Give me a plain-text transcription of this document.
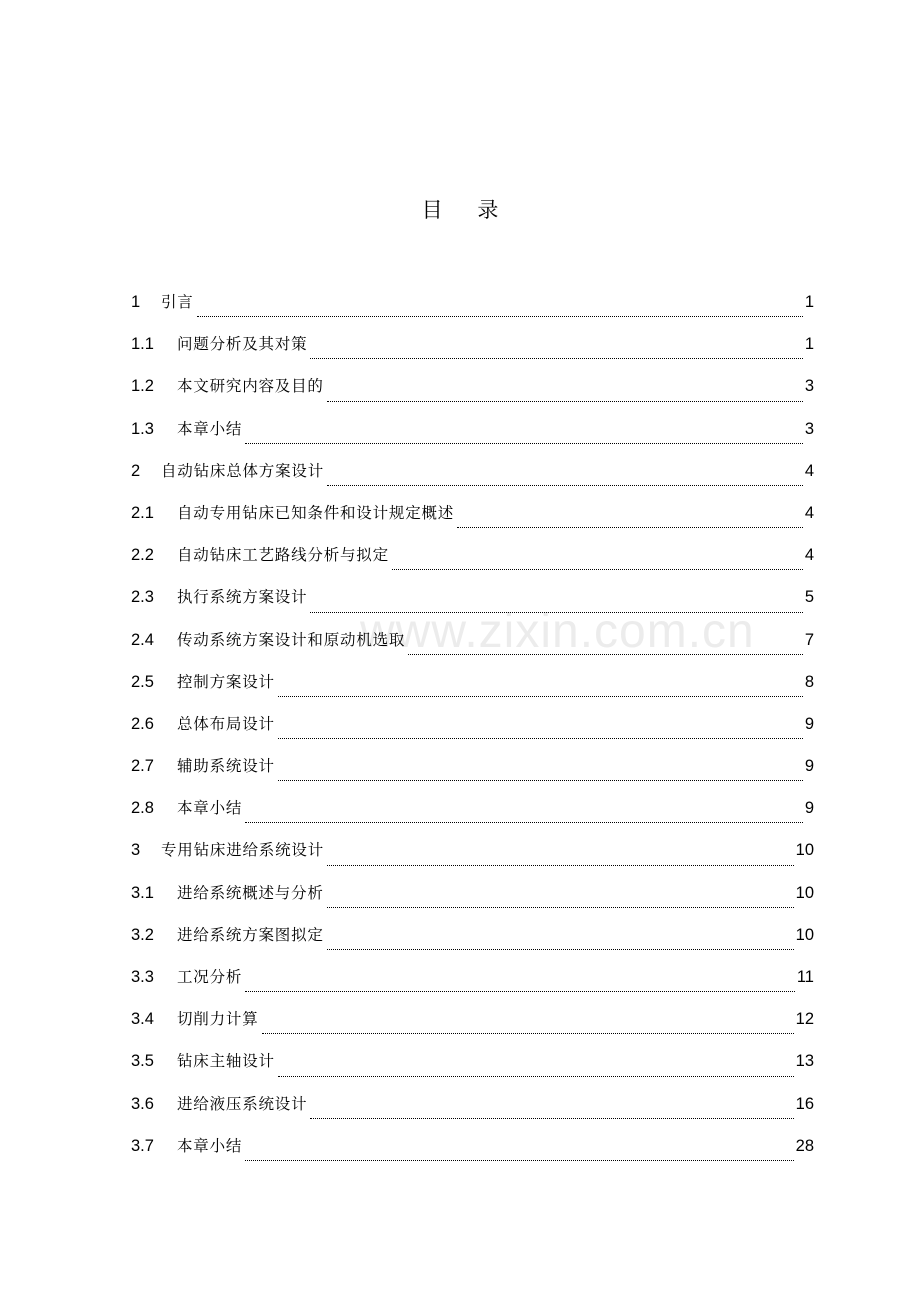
www.zixin.com.cn
目 录
1	引言	1
1.1	问题分析及其对策	1
1.2	本文研究内容及目的	3
1.3	本章小结	3
2	自动钻床总体方案设计	4
2.1	自动专用钻床已知条件和设计规定概述	4
2.2	自动钻床工艺路线分析与拟定	4
2.3	执行系统方案设计	5
2.4	传动系统方案设计和原动机选取	7
2.5	控制方案设计	8
2.6	总体布局设计	9
2.7	辅助系统设计	9
2.8	本章小结	9
3	专用钻床进给系统设计	10
3.1	进给系统概述与分析	10
3.2	进给系统方案图拟定	10
3.3	工况分析	11
3.4	切削力计算	12
3.5	钻床主轴设计	13
3.6	进给液压系统设计	16
3.7	本章小结	28
